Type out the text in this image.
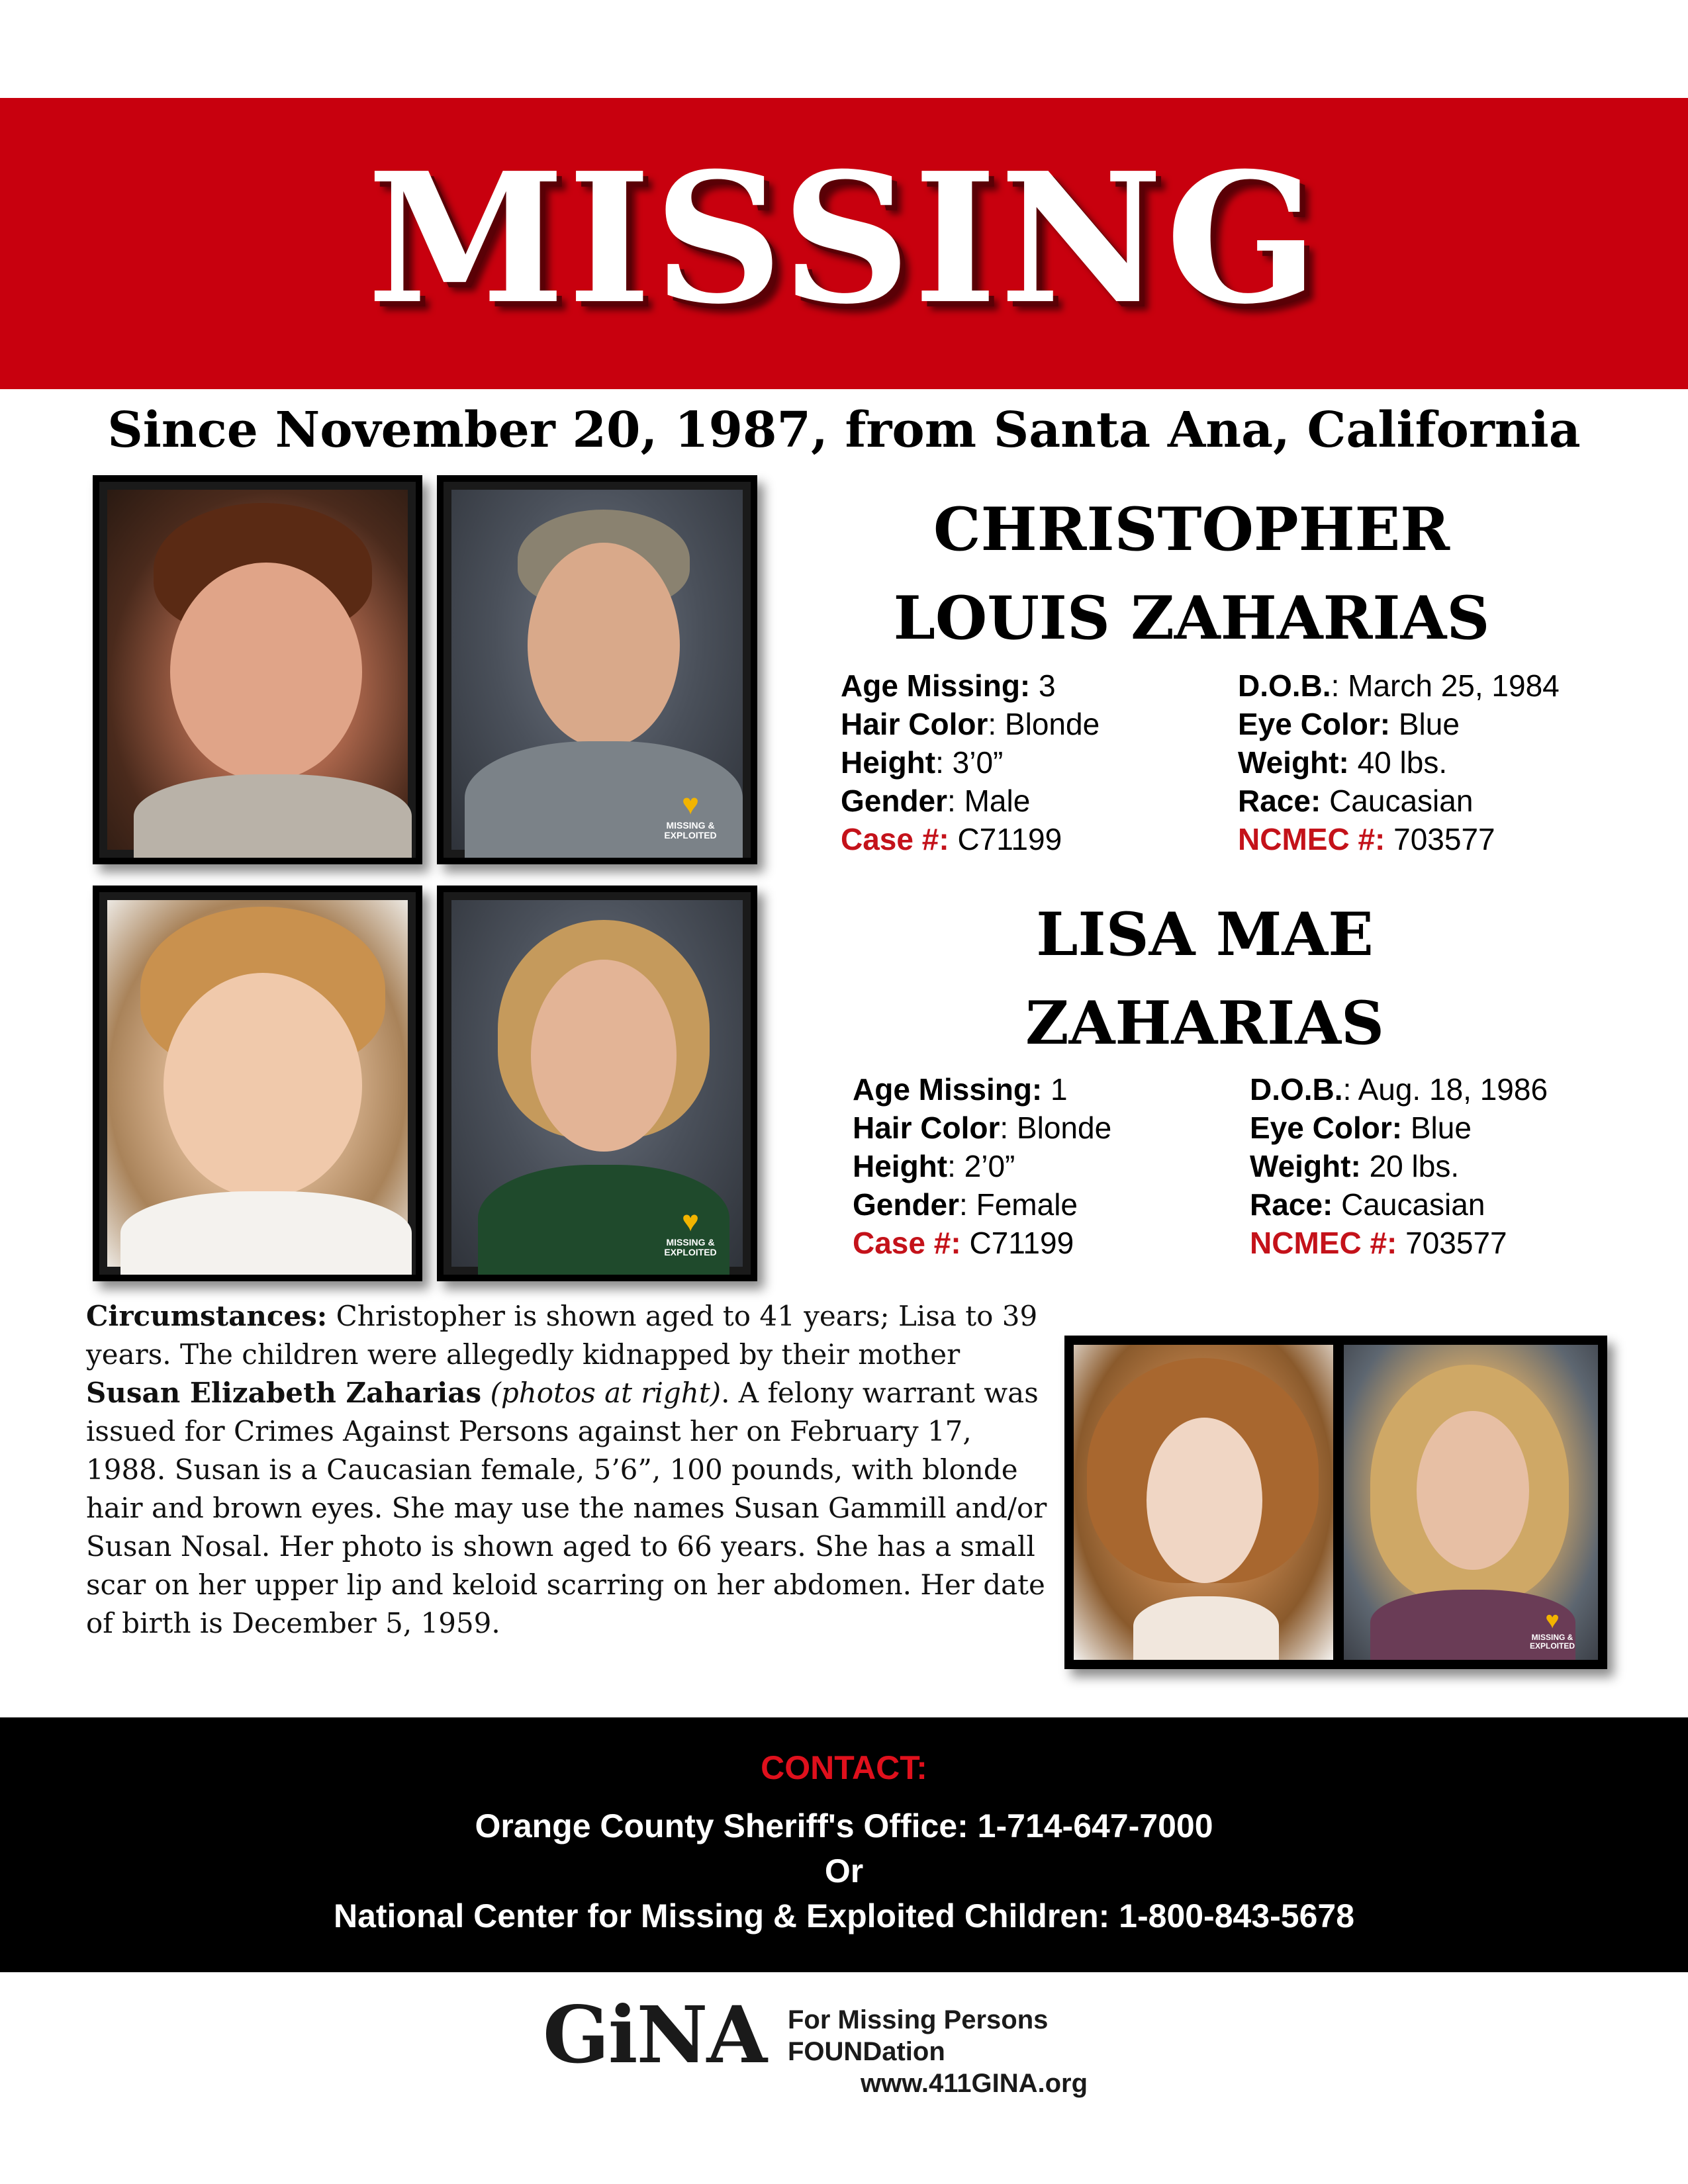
MISSING
Since November 20, 1987, from Santa Ana, California
♥
MISSING &
EXPLOITED
♥
MISSING &
EXPLOITED
CHRISTOPHER
LOUIS ZAHARIAS
Age Missing: 3
Hair Color: Blonde
Height: 3’0”
Gender: Male
Case #: C71199
D.O.B.: March 25, 1984
Eye Color: Blue
Weight: 40 lbs.
Race: Caucasian
NCMEC #: 703577
LISA MAE
ZAHARIAS
Age Missing: 1
Hair Color: Blonde
Height: 2’0”
Gender: Female
Case #: C71199
D.O.B.: Aug. 18, 1986
Eye Color: Blue
Weight: 20 lbs.
Race: Caucasian
NCMEC #: 703577
Circumstances: Christopher is shown aged to 41 years; Lisa to 39 years. The children were allegedly kidnapped by their mother Susan Elizabeth Zaharias (photos at right). A felony warrant was issued for Crimes Against Persons against her on February 17, 1988. Susan is a Caucasian female, 5’6”, 100 pounds, with blonde hair and brown eyes. She may use the names Susan Gammill and/or Susan Nosal. Her photo is shown aged to 66 years. She has a small scar on her upper lip and keloid scarring on her abdomen. Her date of birth is December 5, 1959.	♥
MISSING &
EXPLOITED
CONTACT:
Orange County Sheriff's Office: 1-714-647-7000
Or
National Center for Missing & Exploited Children: 1-800-843-5678
GiNA For Missing Persons FOUNDation
www.411GINA.org
